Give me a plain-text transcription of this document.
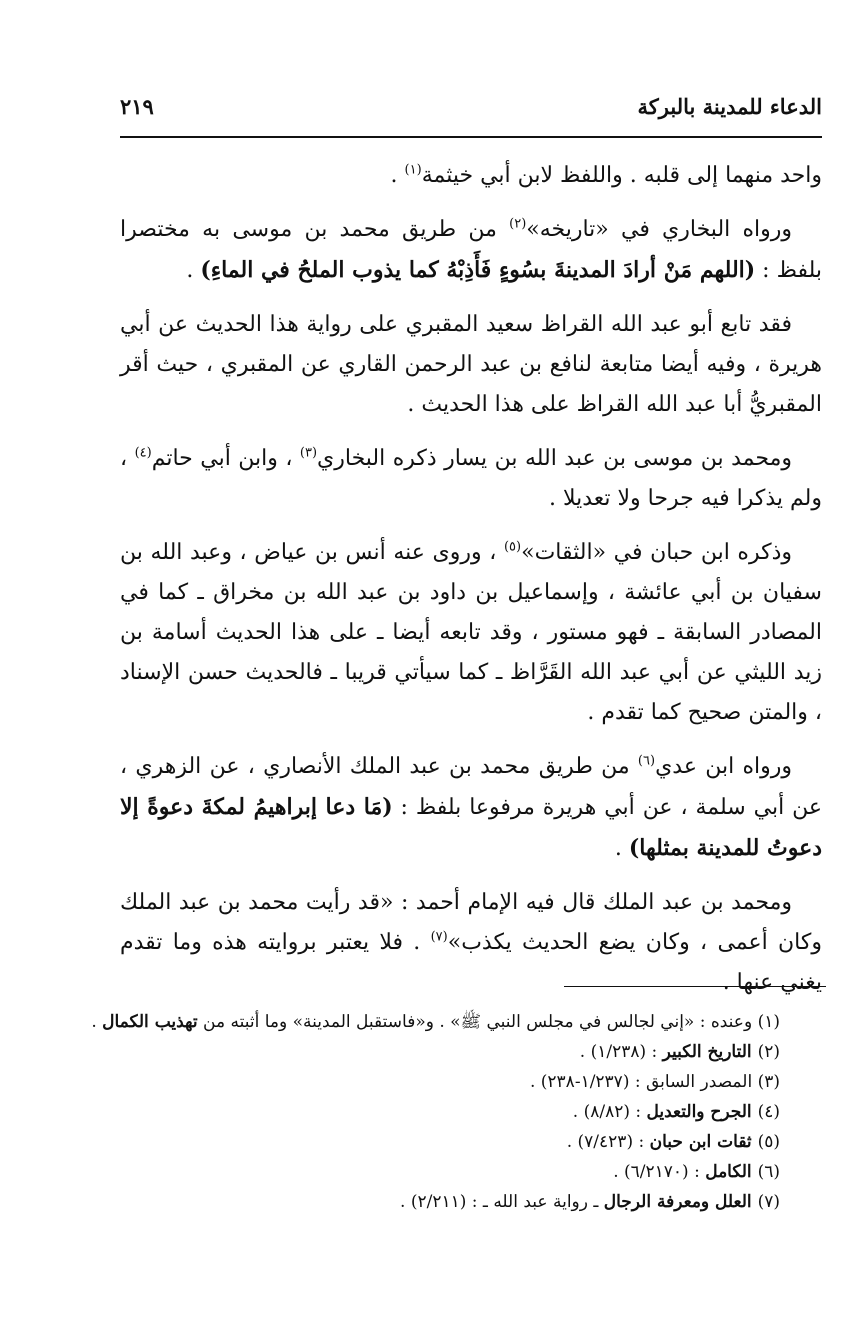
الدعاء للمدينة بالبركة
٢١٩

واحد منهما إلى قلبه . واللفظ لابن أبي خيثمة$^{(١)}$ .

ورواه البخاري في «تاريخه»$^{(٢)}$ من طريق محمد بن موسى به مختصرا بلفظ : (اللهم مَنْ أرادَ المدينةَ بسُوءٍ فَأَذِبْهُ كما يذوب الملحُ في الماءِ) .

فقد تابع أبو عبد الله القراظ سعيد المقبري على رواية هذا الحديث عن أبي هريرة ، وفيه أيضا متابعة لنافع بن عبد الرحمن القاري عن المقبري ، حيث أقر المقبريُّ أبا عبد الله القراظ على هذا الحديث .

ومحمد بن موسى بن عبد الله بن يسار ذكره البخاري$^{(٣)}$ ، وابن أبي حاتم$^{(٤)}$ ، ولم يذكرا فيه جرحا ولا تعديلا .

وذكره ابن حبان في «الثقات»$^{(٥)}$ ، وروى عنه أنس بن عياض ، وعبد الله بن سفيان بن أبي عائشة ، وإسماعيل بن داود بن عبد الله بن مخراق ـ كما في المصادر السابقة ـ فهو مستور ، وقد تابعه أيضا ـ على هذا الحديث أسامة بن زيد الليثي عن أبي عبد الله القَرَّاظ ـ كما سيأتي قريبا ـ فالحديث حسن الإسناد ، والمتن صحيح كما تقدم .

ورواه ابن عدي$^{(٦)}$ من طريق محمد بن عبد الملك الأنصاري ، عن الزهري ، عن أبي سلمة ، عن أبي هريرة مرفوعا بلفظ : (مَا دعا إبراهيمُ لمكةَ دعوةً إلا دعوتُ للمدينة بمثلها) .

ومحمد بن عبد الملك قال فيه الإمام أحمد : «قد رأيت محمد بن عبد الملك وكان أعمى ، وكان يضع الحديث يكذب»$^{(٧)}$ . فلا يعتبر بروايته هذه وما تقدم يغني عنها .

(١) وعنده : «إني لجالس في مجلس النبي ﷺ» . و«فاستقبل المدينة» وما أثبته من تهذيب الكمال .

(٢) التاريخ الكبير : (١/٢٣٨) .

(٣) المصدر السابق : (١/٢٣٧-٢٣٨) .

(٤) الجرح والتعديل : (٨/٨٢) .

(٥) ثقات ابن حبان : (٧/٤٢٣) .

(٦) الكامل : (٦/٢١٧٠) .

(٧) العلل ومعرفة الرجال ـ رواية عبد الله ـ : (٢/٢١١) .
